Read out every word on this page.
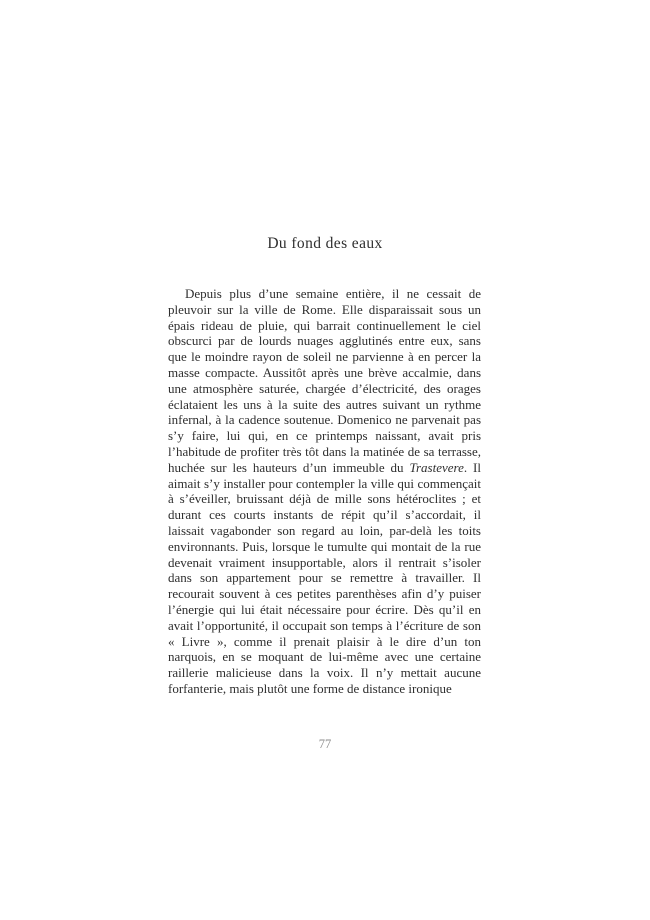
Du fond des eaux

Depuis plus d’une semaine entière, il ne cessait de pleuvoir sur la ville de Rome. Elle disparaissait sous un épais rideau de pluie, qui barrait continuellement le ciel obscurci par de lourds nuages agglutinés entre eux, sans que le moindre rayon de soleil ne parvienne à en percer la masse compacte. Aussitôt après une brève accalmie, dans une atmosphère saturée, chargée d’électricité, des orages éclataient les uns à la suite des autres suivant un rythme infernal, à la cadence soutenue. Domenico ne parvenait pas s’y faire, lui qui, en ce printemps naissant, avait pris l’habitude de profiter très tôt dans la matinée de sa terrasse, huchée sur les hauteurs d’un immeuble du Trastevere. Il aimait s’y installer pour contempler la ville qui commençait à s’éveiller, bruissant déjà de mille sons hétéroclites ; et durant ces courts instants de répit qu’il s’accordait, il laissait vagabonder son regard au loin, par-delà les toits environnants. Puis, lorsque le tumulte qui montait de la rue devenait vraiment insupportable, alors il rentrait s’isoler dans son appartement pour se remettre à travailler. Il recourait souvent à ces petites parenthèses afin d’y puiser l’énergie qui lui était nécessaire pour écrire. Dès qu’il en avait l’opportunité, il occupait son temps à l’écriture de son « Livre », comme il prenait plaisir à le dire d’un ton narquois, en se moquant de lui-même avec une certaine raillerie malicieuse dans la voix. Il n’y mettait aucune forfanterie, mais plutôt une forme de distance ironique

77
